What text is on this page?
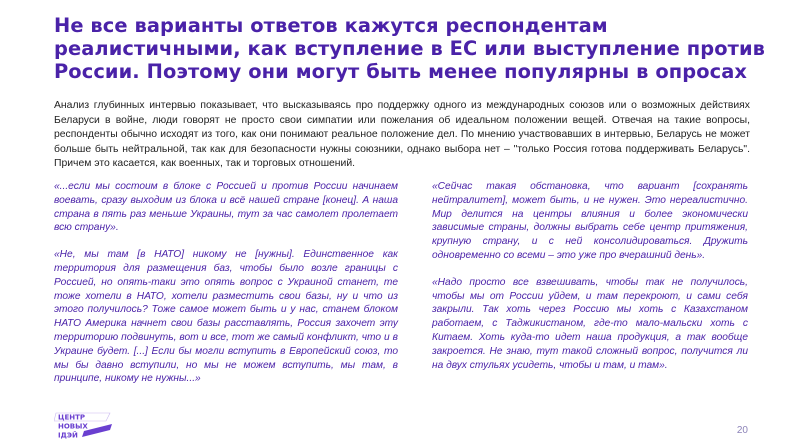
Не все варианты ответов кажутся респондентам реалистичными, как вступление в ЕС или выступление против России. Поэтому они могут быть менее популярны в опросах

Анализ глубинных интервью показывает, что высказываясь про поддержку одного из международных союзов или о возможных действиях Беларуси в войне, люди говорят не просто свои симпатии или пожелания об идеальном положении вещей. Отвечая на такие вопросы, респонденты обычно исходят из того, как они понимают реальное положение дел. По мнению участвовавших в интервью, Беларусь не может больше быть нейтральной, так как для безопасности нужны союзники, однако выбора нет – "только Россия готова поддерживать Беларусь". Причем это касается, как военных, так и торговых отношений.

«...если мы состоим в блоке с Россией и против России начинаем воевать, сразу выходим из блока и всё нашей стране [конец]. А наша страна в пять раз меньше Украины, тут за час самолет пролетает всю страну».

«Не, мы там [в НАТО] никому не [нужны]. Единственное как территория для размещения баз, чтобы было возле границы с Россией, но опять-таки это опять вопрос с Украиной станет, те тоже хотели в НАТО, хотели разместить свои базы, ну и что из этого получилось? Тоже самое может быть и у нас, станем блоком НАТО Америка начнет свои базы расставлять, Россия захочет эту территорию подвинуть, вот и все, тот же самый конфликт, что и в Украине будет. [...] Если бы могли вступить в Европейский союз, то мы бы давно вступили, но мы не можем вступить, мы там, в принципе, никому не нужны...»

«Сейчас такая обстановка, что вариант [сохранять нейтралитет], может быть, и не нужен. Это нереалистично. Мир делится на центры влияния и более экономически зависимые страны, должны выбрать себе центр притяжения, крупную страну, и с ней консолидироваться. Дружить одновременно со всеми – это уже про вчерашний день».

«Надо просто все взвешивать, чтобы так не получилось, чтобы мы от России уйдем, и там перекроют, и сами себя закрыли. Так хоть через Россию мы хоть с Казахстаном работаем, с Таджикистаном, где-то мало-мальски хоть с Китаем. Хоть куда-то идет наша продукция, а так вообще закроется. Не знаю, тут такой сложный вопрос, получится ли на двух стульях усидеть, чтобы и там, и там».

ЦЕНТР
НОВЫХ
ІДЭЙ	20
